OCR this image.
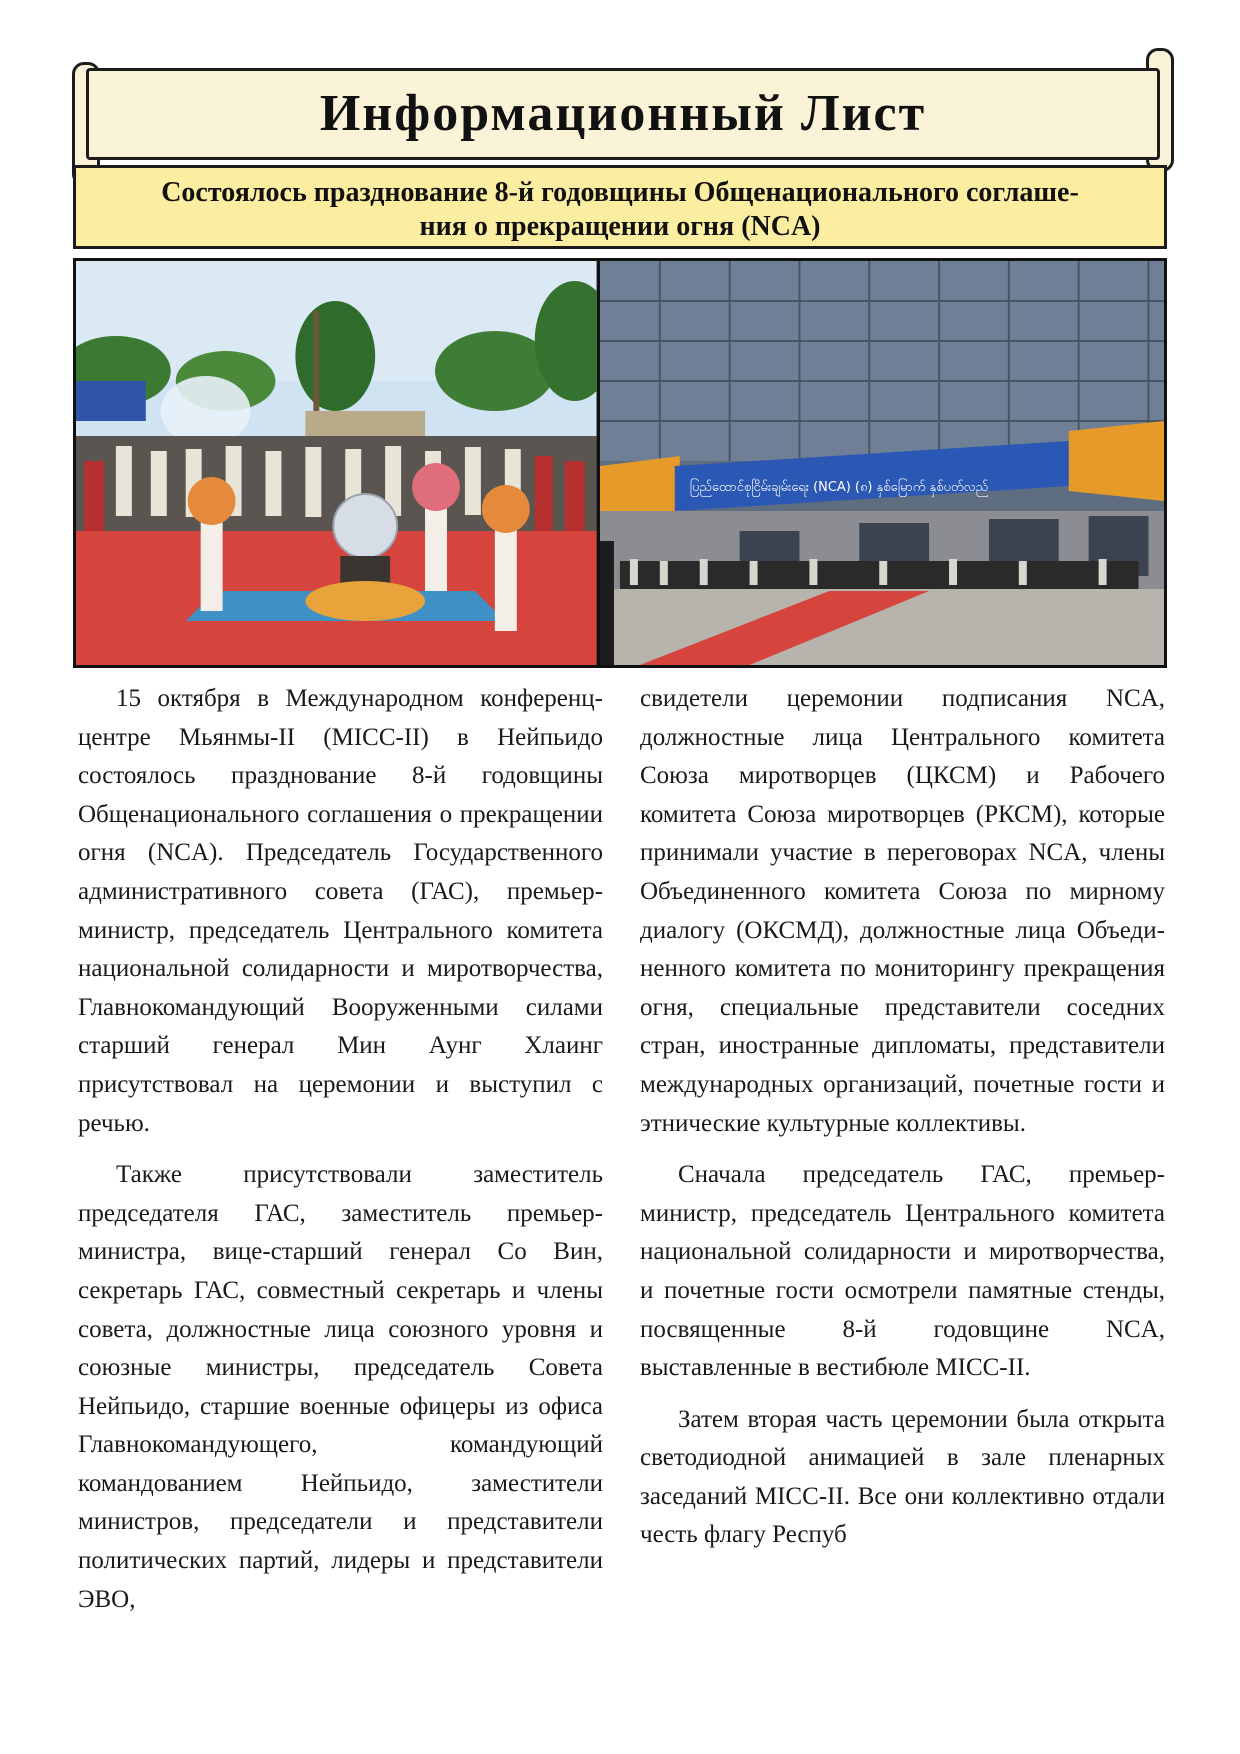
Информационный Лист
Состоялось празднование 8-й годовщины Общенационального соглаше-
ния о прекращении огня (NCA)
ပြည်ထောင်စုငြိမ်းချမ်းရေး (NCA) (၈) နှစ်မြောက် နှစ်ပတ်လည်

15 октября в Международном конференц-центре Мьянмы-II (MICC-II) в Нейпьидо состоялось празднование 8-й годовщины Общенационального соглашения о прекращении огня (NCA). Председатель Государственного административного совета (ГАС), премьер-министр, председатель Центрального комитета национальной солидарности и миротворчества, Главнокомандующий Вооруженными силами старший генерал Мин Аунг Хлаинг присутствовал на церемонии и выступил с речью.

Также присутствовали заместитель председателя ГАС, заместитель премьер-министра, вице-старший генерал Со Вин, секретарь ГАС, совместный секретарь и члены совета, должностные лица союзного уровня и союзные министры, председатель Совета Нейпьидо, старшие военные офицеры из офиса Главнокомандующего, командующий командованием Нейпьидо, заместители министров, председатели и представители политических партий, лидеры и представители ЭВО,

свидетели церемонии подписания NCA, должностные лица Центрального комитета Союза миротворцев (ЦКСМ) и Рабочего комитета Союза миротворцев (РКСМ), которые принимали участие в переговорах NCA, члены Объединенного комитета Союза по мирному диалогу (ОКСМД), должностные лица Объединенного комитета по мониторингу прекращения огня, специальные представители соседних стран, иностранные дипломаты, представители международных организаций, почетные гости и этнические культурные коллективы.

Сначала председатель ГАС, премьер-министр, председатель Центрального комитета национальной солидарности и миротворчества, и почетные гости осмотрели памятные стенды, посвященные 8-й годовщине NCA, выставленные в вестибюле MICC-II.

Затем вторая часть церемонии была открыта светодиодной анимацией в зале пленарных заседаний MICC-II. Все они коллективно отдали честь флагу Респуб
